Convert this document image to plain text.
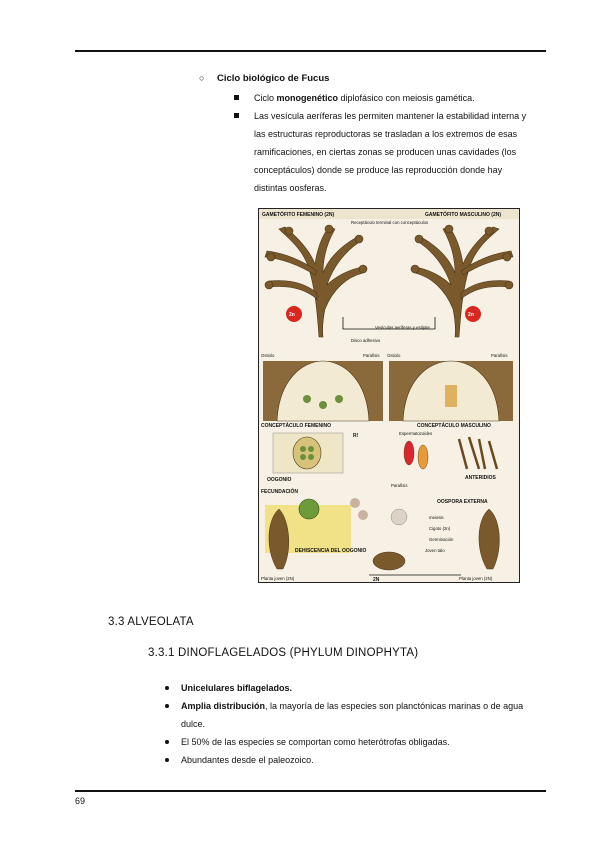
○ Ciclo biológico de Fucus
Ciclo monogenético diplofásico con meiosis gamética.
Las vesícula aeríferas les permiten mantener la estabilidad interna y las estructuras reproductoras se trasladan a los extremos de esas ramificaciones, en ciertas zonas se producen unas cavidades (los conceptáculos) donde se produce las reproducción donde hay distintas oosferas.
GAMETÓFITO FEMENINO (2N)	GAMETÓFITO MASCULINO (2N)
Receptáculo terminal con conceptáculos
2n	2n
Vesículas aeríferas y estípite
Disco adhesivo
Ostiolo	Parafisis Ostiolo	Parafisis
CONCEPTÁCULO FEMENINO	CONCEPTÁCULO MASCULINO
R!
OOGONIO
Espermatozoides
ANTERIDIOS
Parafisis
FECUNDACIÓN
DEHISCENCIA DEL OOGONIO
OOSPORA EXTERNA
meiosis
Cigoto (2n)
Germinación
Joven talo
2N
Planta joven (2N)	Planta joven (2N)
3.3 ALVEOLATA
3.3.1 DINOFLAGELADOS (PHYLUM DINOPHYTA)
Unicelulares biflagelados.
Amplia distribución, la mayoría de las especies son planctónicas marinas o de agua dulce.
El 50% de las especies se comportan como heterótrofas obligadas.
Abundantes desde el paleozoico.
69
